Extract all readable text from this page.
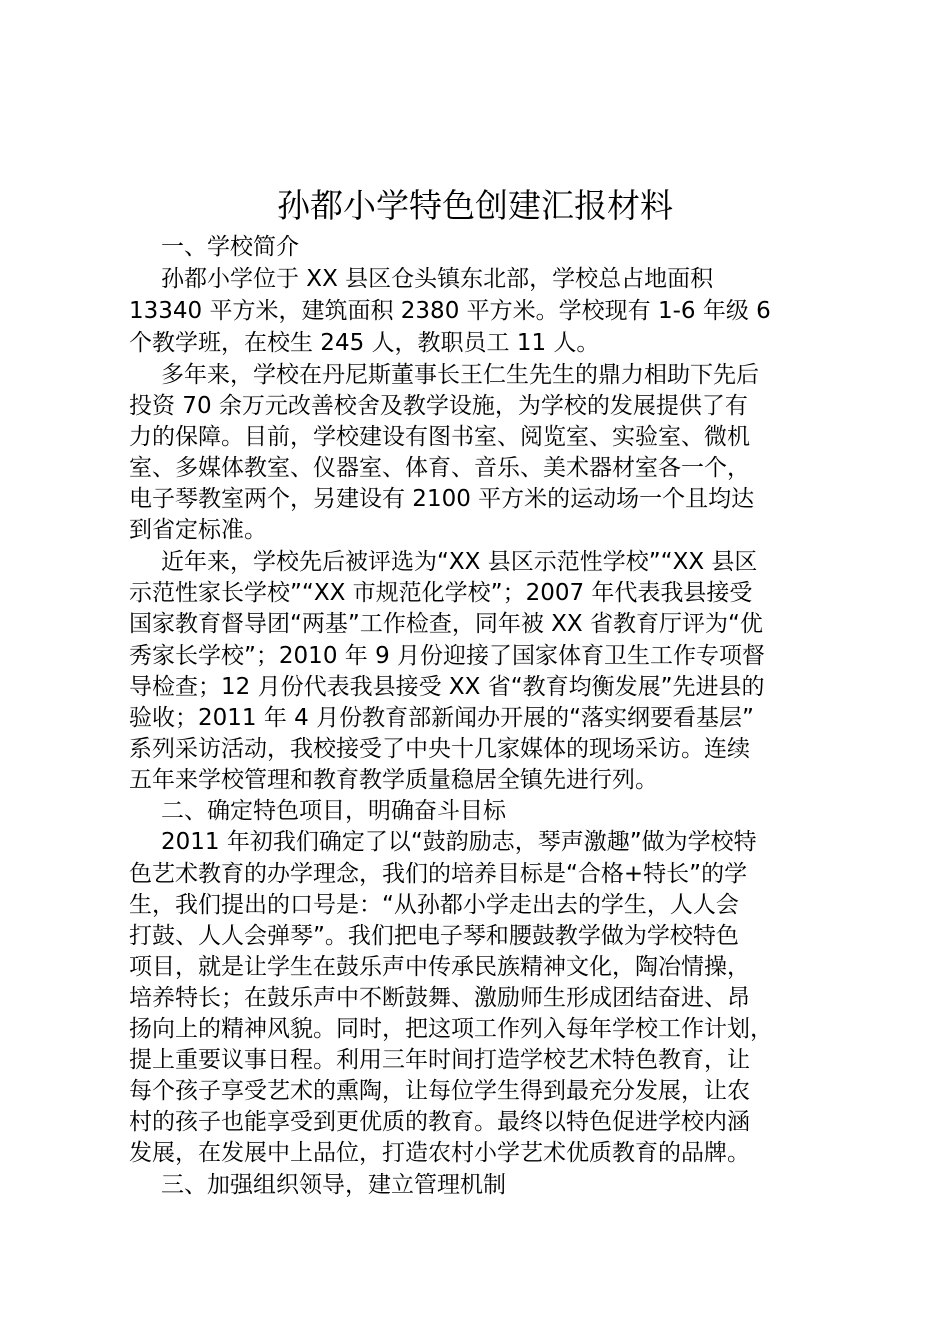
孙都小学特色创建汇报材料
一、学校简介
孙都小学位于 XX 县区仓头镇东北部，学校总占地面积
13340 平方米，建筑面积 2380 平方米。学校现有 1-6 年级 6
个教学班，在校生 245 人，教职员工 11 人。
多年来，学校在丹尼斯董事长王仁生先生的鼎力相助下先后
投资 70 余万元改善校舍及教学设施，为学校的发展提供了有
力的保障。目前，学校建设有图书室、阅览室、实验室、微机
室、多媒体教室、仪器室、体育、音乐、美术器材室各一个，
电子琴教室两个，另建设有 2100 平方米的运动场一个且均达
到省定标准。
近年来，学校先后被评选为“XX 县区示范性学校”“XX 县区
示范性家长学校”“XX 市规范化学校”；2007 年代表我县接受
国家教育督导团“两基”工作检查，同年被 XX 省教育厅评为“优
秀家长学校”；2010 年 9 月份迎接了国家体育卫生工作专项督
导检查；12 月份代表我县接受 XX 省“教育均衡发展”先进县的
验收；2011 年 4 月份教育部新闻办开展的“落实纲要看基层”
系列采访活动，我校接受了中央十几家媒体的现场采访。连续
五年来学校管理和教育教学质量稳居全镇先进行列。
二、确定特色项目，明确奋斗目标
2011 年初我们确定了以“鼓韵励志，琴声激趣”做为学校特
色艺术教育的办学理念，我们的培养目标是“合格+特长”的学
生，我们提出的口号是：“从孙都小学走出去的学生，人人会
打鼓、人人会弹琴”。我们把电子琴和腰鼓教学做为学校特色
项目，就是让学生在鼓乐声中传承民族精神文化，陶冶情操，
培养特长；在鼓乐声中不断鼓舞、激励师生形成团结奋进、昂
扬向上的精神风貌。同时，把这项工作列入每年学校工作计划，
提上重要议事日程。利用三年时间打造学校艺术特色教育，让
每个孩子享受艺术的熏陶，让每位学生得到最充分发展，让农
村的孩子也能享受到更优质的教育。最终以特色促进学校内涵
发展，在发展中上品位，打造农村小学艺术优质教育的品牌。
三、加强组织领导，建立管理机制
